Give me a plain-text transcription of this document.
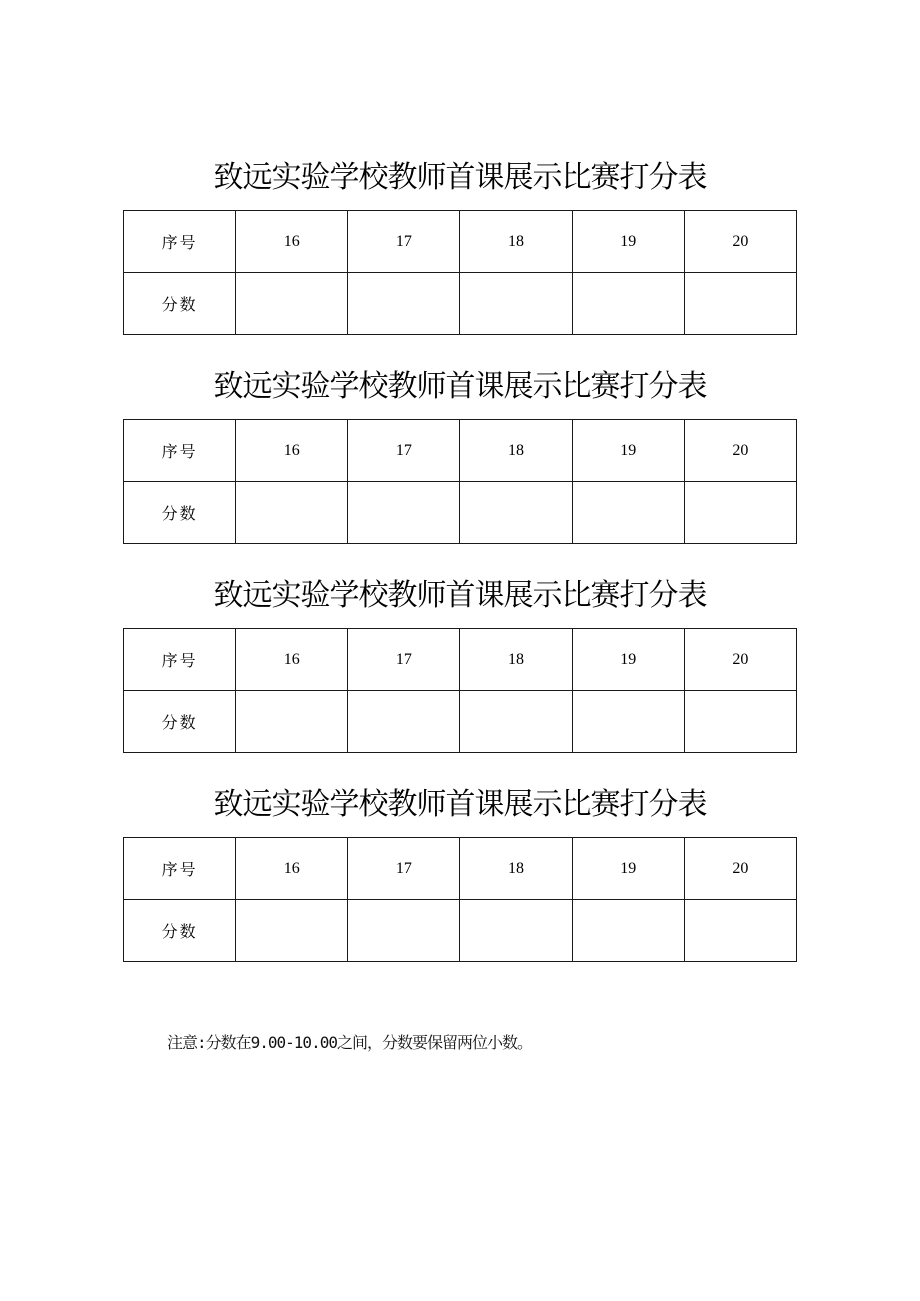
致远实验学校教师首课展示比赛打分表
序号	16	17	18	19	20
分数					
致远实验学校教师首课展示比赛打分表
序号	16	17	18	19	20
分数					
致远实验学校教师首课展示比赛打分表
序号	16	17	18	19	20
分数					
致远实验学校教师首课展示比赛打分表
序号	16	17	18	19	20
分数					
注意:分数在9.00-10.00之间，分数要保留两位小数。
